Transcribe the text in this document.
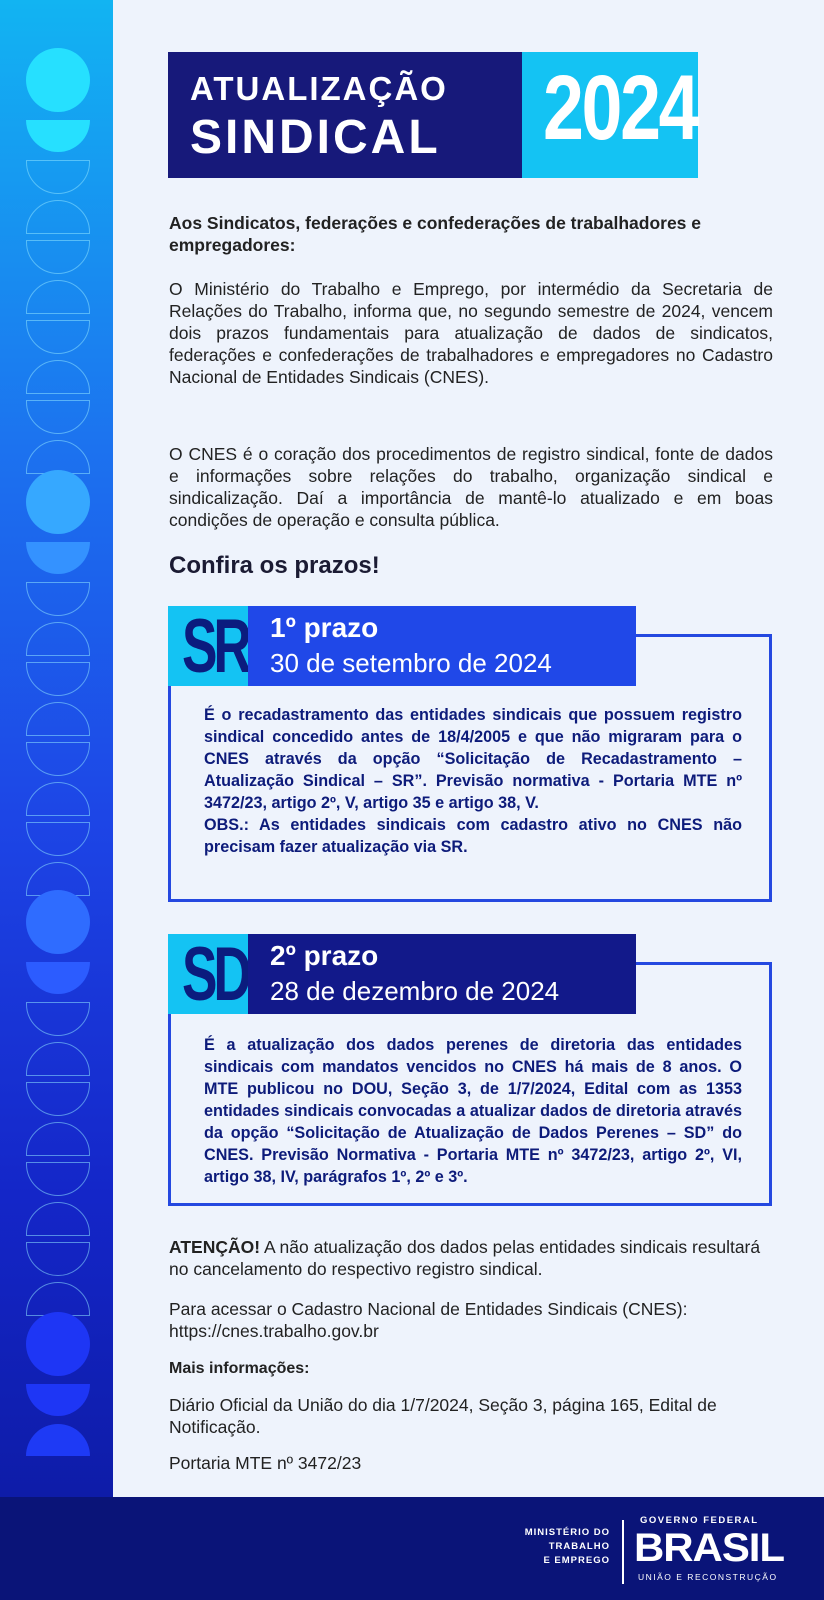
ATUALIZAÇÃO
SINDICAL 2024
Aos Sindicatos, federações e confederações de trabalhadores e empregadores:
O Ministério do Trabalho e Emprego, por intermédio da Secretaria de Relações do Trabalho, informa que, no segundo semestre de 2024, vencem dois prazos fundamentais para atualização de dados de sindicatos, federações e confederações de trabalhadores e empregadores no Cadastro Nacional de Entidades Sindicais (CNES).
O CNES é o coração dos procedimentos de registro sindical, fonte de dados e informações sobre relações do trabalho, organização sindical e sindicalização. Daí a importância de mantê-lo atualizado e em boas condições de operação e consulta pública.
Confira os prazos!
SR 1º prazo
30 de setembro de 2024
É o recadastramento das entidades sindicais que possuem registro sindical concedido antes de 18/4/2005 e que não migraram para o CNES através da opção “Solicitação de Recadastramento – Atualização Sindical – SR”. Previsão normativa - Portaria MTE nº 3472/23, artigo 2º, V, artigo 35 e artigo 38, V.
OBS.: As entidades sindicais com cadastro ativo no CNES não precisam fazer atualização via SR.
SD 2º prazo
28 de dezembro de 2024
É a atualização dos dados perenes de diretoria das entidades sindicais com mandatos vencidos no CNES há mais de 8 anos. O MTE publicou no DOU, Seção 3, de 1/7/2024, Edital com as 1353 entidades sindicais convocadas a atualizar dados de diretoria através da opção “Solicitação de Atualização de Dados Perenes – SD” do CNES. Previsão Normativa - Portaria MTE nº 3472/23, artigo 2º, VI, artigo 38, IV, parágrafos 1º, 2º e 3º.
ATENÇÃO! A não atualização dos dados pelas entidades sindicais resultará no cancelamento do respectivo registro sindical.
Para acessar o Cadastro Nacional de Entidades Sindicais (CNES):
https://cnes.trabalho.gov.br
Mais informações:
Diário Oficial da União do dia 1/7/2024, Seção 3, página 165, Edital de Notificação.
Portaria MTE nº 3472/23
MINISTÉRIO DO
TRABALHO
E EMPREGO
GOVERNO FEDERAL
BRASIL
UNIÃO E RECONSTRUÇÃO
